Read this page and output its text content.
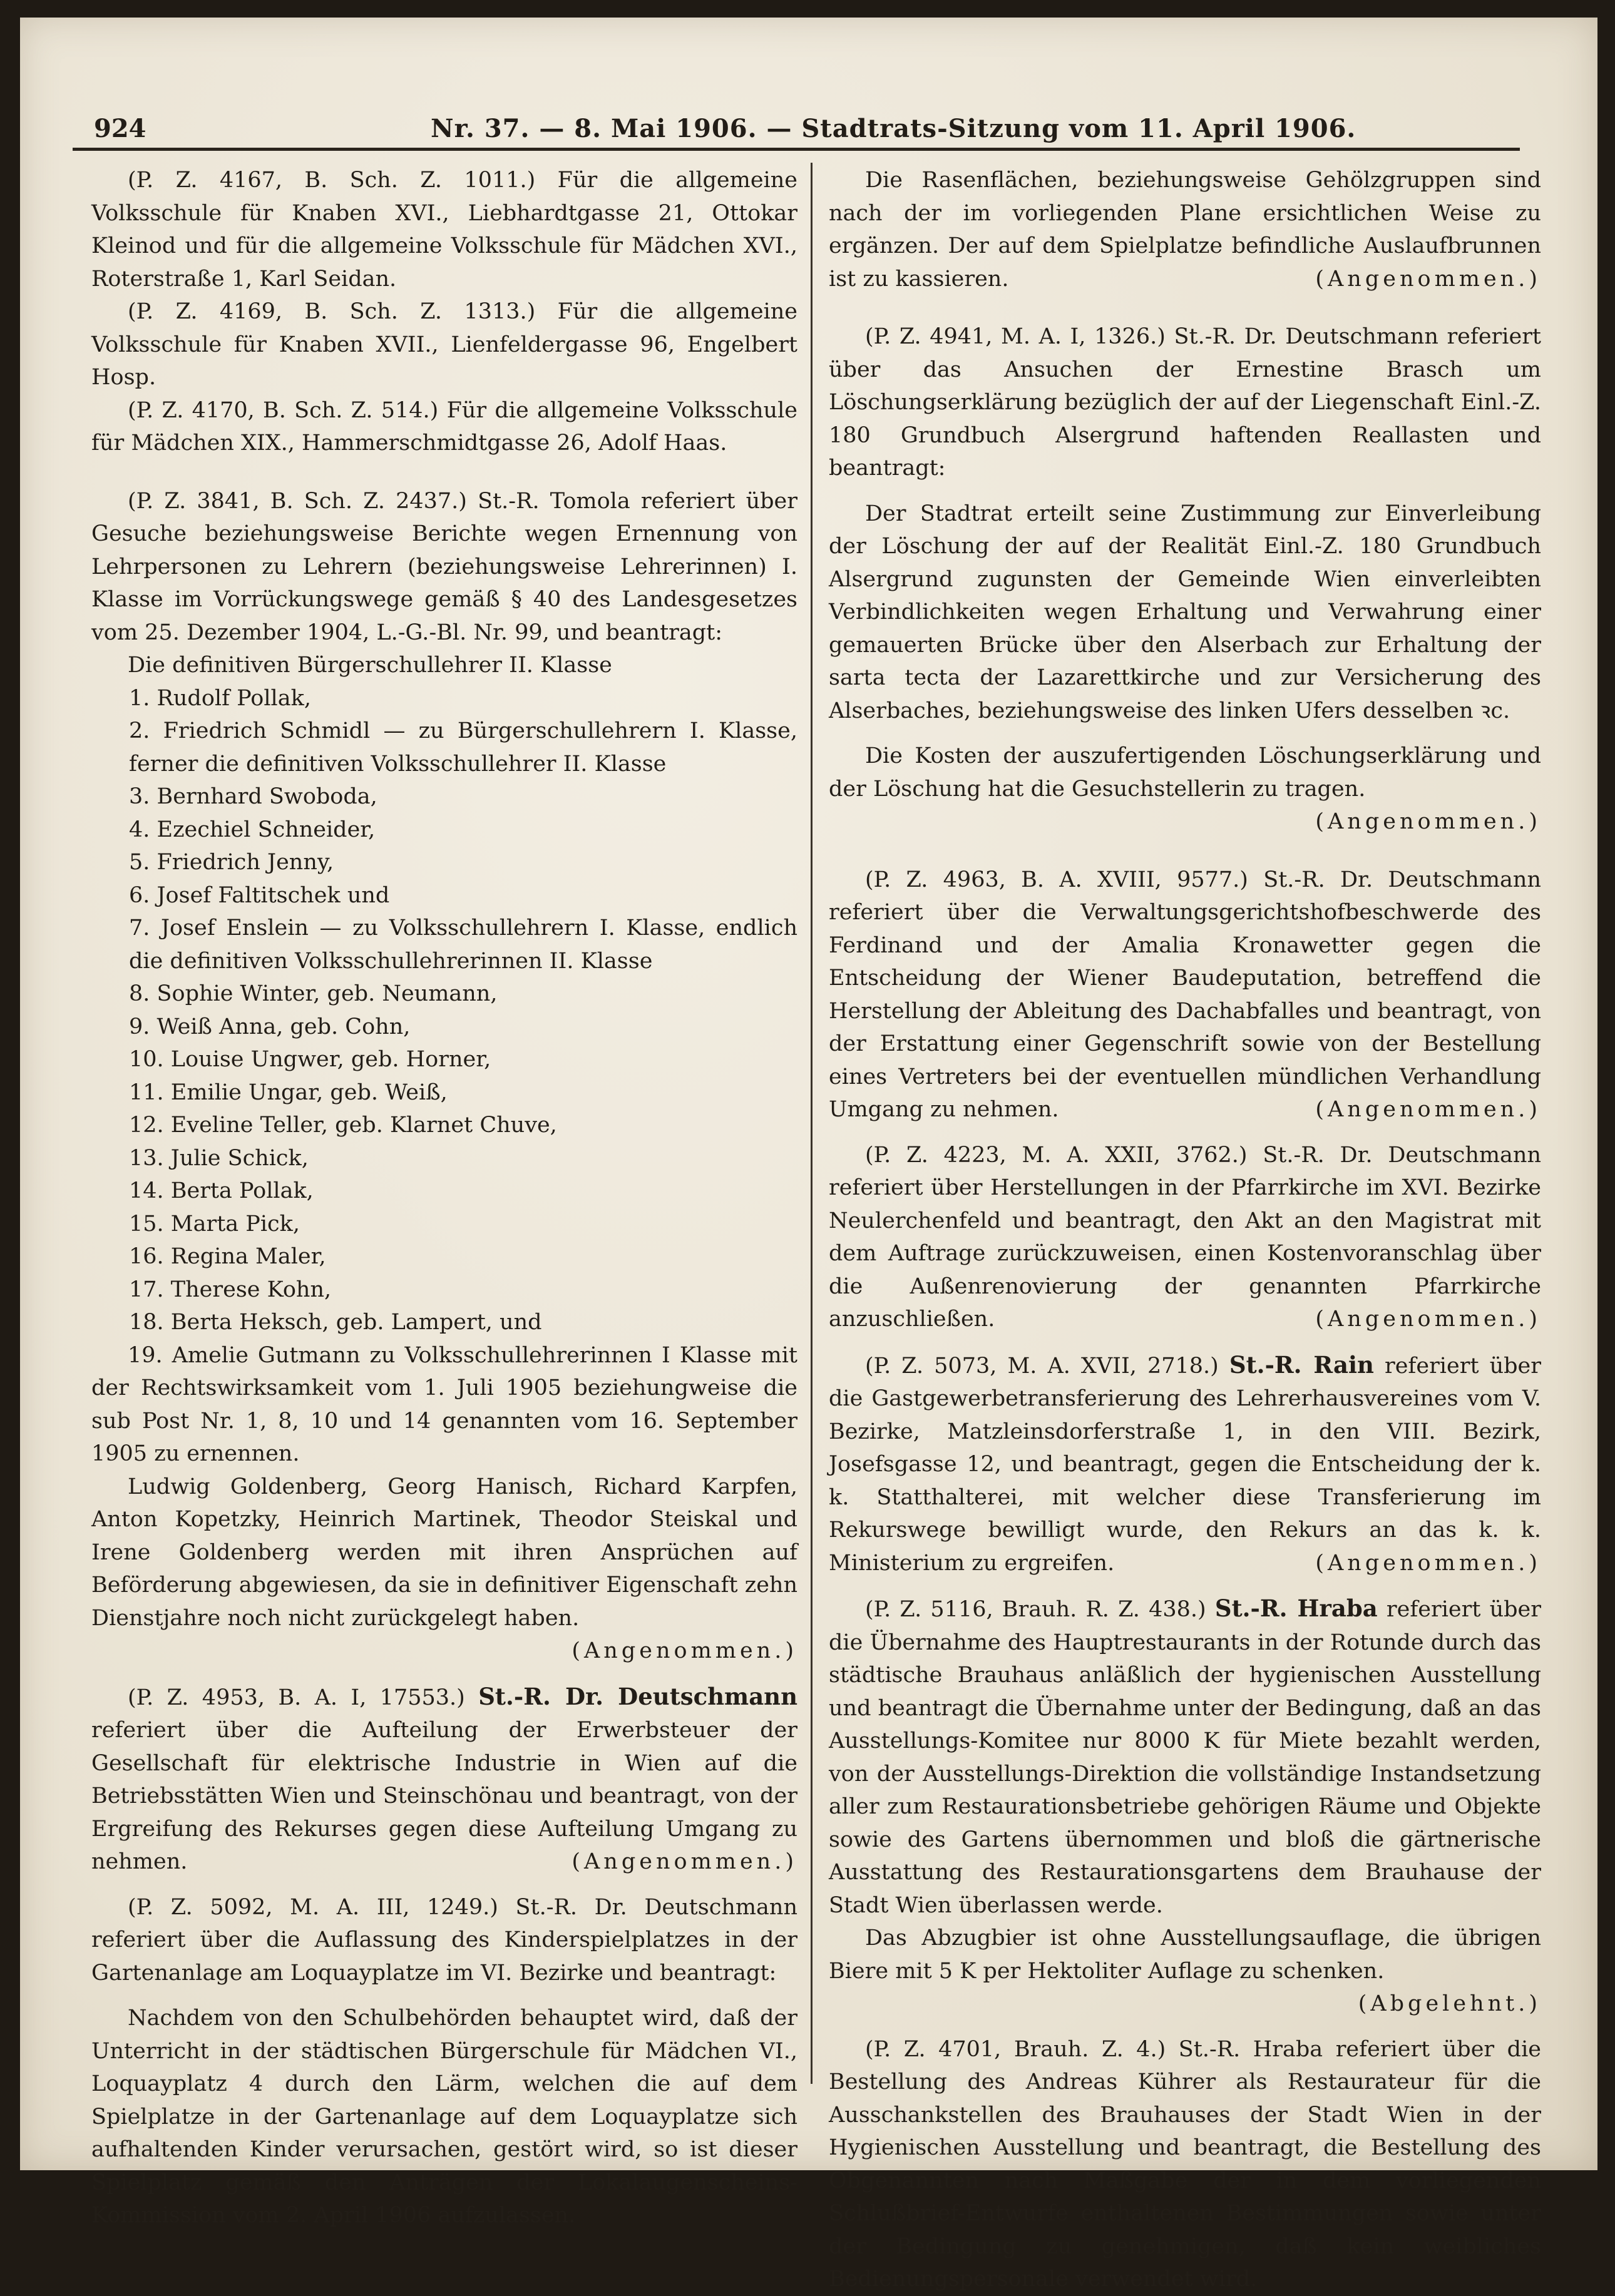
924	Nr. 37. — 8. Mai 1906. — Stadtrats-Sitzung vom 11. April 1906.

(P. Z. 4167, B. Sch. Z. 1011.) Für die allgemeine Volksschule für Knaben XVI., Liebhardtgasse 21, Ottokar Kleinod und für die allgemeine Volksschule für Mädchen XVI., Roterstraße 1, Karl Seidan.

(P. Z. 4169, B. Sch. Z. 1313.) Für die allgemeine Volksschule für Knaben XVII., Lienfeldergasse 96, Engelbert Hosp.

(P. Z. 4170, B. Sch. Z. 514.) Für die allgemeine Volksschule für Mädchen XIX., Hammerschmidtgasse 26, Adolf Haas.

(P. Z. 3841, B. Sch. Z. 2437.) St.-R. Tomola referiert über Gesuche beziehungsweise Berichte wegen Ernennung von Lehrpersonen zu Lehrern (beziehungsweise Lehrerinnen) I. Klasse im Vorrückungswege gemäß § 40 des Landesgesetzes vom 25. Dezember 1904, L.-G.-Bl. Nr. 99, und beantragt:

Die definitiven Bürgerschullehrer II. Klasse

1. Rudolf Pollak,

2. Friedrich Schmidl — zu Bürgerschullehrern I. Klasse, ferner die definitiven Volksschullehrer II. Klasse

3. Bernhard Swoboda,

4. Ezechiel Schneider,

5. Friedrich Jenny,

6. Josef Faltitschek und

7. Josef Enslein — zu Volksschullehrern I. Klasse, endlich die definitiven Volksschullehrerinnen II. Klasse

8. Sophie Winter, geb. Neumann,

9. Weiß Anna, geb. Cohn,

10. Louise Ungwer, geb. Horner,

11. Emilie Ungar, geb. Weiß,

12. Eveline Teller, geb. Klarnet Chuve,

13. Julie Schick,

14. Berta Pollak,

15. Marta Pick,

16. Regina Maler,

17. Therese Kohn,

18. Berta Heksch, geb. Lampert, und

19. Amelie Gutmann zu Volksschullehrerinnen I Klasse mit der Rechtswirksamkeit vom 1. Juli 1905 beziehungweise die sub Post Nr. 1, 8, 10 und 14 genannten vom 16. September 1905 zu ernennen.

Ludwig Goldenberg, Georg Hanisch, Richard Karpfen, Anton Kopetzky, Heinrich Martinek, Theodor Steiskal und Irene Goldenberg werden mit ihren Ansprüchen auf Beförderung abgewiesen, da sie in definitiver Eigenschaft zehn Dienstjahre noch nicht zurückgelegt haben.
(Angenommen.)

(P. Z. 4953, B. A. I, 17553.) St.-R. Dr. Deutschmann referiert über die Aufteilung der Erwerbsteuer der Gesellschaft für elektrische Industrie in Wien auf die Betriebsstätten Wien und Steinschönau und beantragt, von der Ergreifung des Rekurses gegen diese Aufteilung Umgang zu nehmen.	(Angenommen.)

(P. Z. 5092, M. A. III, 1249.) St.-R. Dr. Deutschmann referiert über die Auflassung des Kinderspielplatzes in der Gartenanlage am Loquayplatze im VI. Bezirke und beantragt:

Nachdem von den Schulbehörden behauptet wird, daß der Unterricht in der städtischen Bürgerschule für Mädchen VI., Loquayplatz 4 durch den Lärm, welchen die auf dem Spielplatze in der Gartenanlage auf dem Loquayplatze sich aufhaltenden Kinder verursachen, gestört wird, so ist dieser Spielplatz gemäß den Anträgen der Lokalaugenscheins-Kommission vom 2. April 1906 aufzulassen.

Die Rasenflächen, beziehungsweise Gehölzgruppen sind nach der im vorliegenden Plane ersichtlichen Weise zu ergänzen. Der auf dem Spielplatze befindliche Auslaufbrunnen ist zu kassieren.	(Angenommen.)

(P. Z. 4941, M. A. I, 1326.) St.-R. Dr. Deutschmann referiert über das Ansuchen der Ernestine Brasch um Löschungserklärung bezüglich der auf der Liegenschaft Einl.-Z. 180 Grundbuch Alsergrund haftenden Reallasten und beantragt:

Der Stadtrat erteilt seine Zustimmung zur Einverleibung der Löschung der auf der Realität Einl.-Z. 180 Grundbuch Alsergrund zugunsten der Gemeinde Wien einverleibten Verbindlichkeiten wegen Erhaltung und Verwahrung einer gemauerten Brücke über den Alserbach zur Erhaltung der sarta tecta der Lazarettkirche und zur Versicherung des Alserbaches, beziehungsweise des linken Ufers desselben ꝛc.

Die Kosten der auszufertigenden Löschungserklärung und der Löschung hat die Gesuchstellerin zu tragen.
(Angenommen.)

(P. Z. 4963, B. A. XVIII, 9577.) St.-R. Dr. Deutschmann referiert über die Verwaltungsgerichtshofbeschwerde des Ferdinand und der Amalia Kronawetter gegen die Entscheidung der Wiener Baudeputation, betreffend die Herstellung der Ableitung des Dachabfalles und beantragt, von der Erstattung einer Gegenschrift sowie von der Bestellung eines Vertreters bei der eventuellen mündlichen Verhandlung Umgang zu nehmen.	(Angenommen.)

(P. Z. 4223, M. A. XXII, 3762.) St.-R. Dr. Deutschmann referiert über Herstellungen in der Pfarrkirche im XVI. Bezirke Neulerchenfeld und beantragt, den Akt an den Magistrat mit dem Auftrage zurückzuweisen, einen Kostenvoranschlag über die Außenrenovierung der genannten Pfarrkirche anzuschließen.	(Angenommen.)

(P. Z. 5073, M. A. XVII, 2718.) St.-R. Rain referiert über die Gastgewerbetransferierung des Lehrerhausvereines vom V. Bezirke, Matzleinsdorferstraße 1, in den VIII. Bezirk, Josefsgasse 12, und beantragt, gegen die Entscheidung der k. k. Statthalterei, mit welcher diese Transferierung im Rekurswege bewilligt wurde, den Rekurs an das k. k. Ministerium zu ergreifen.	(Angenommen.)

(P. Z. 5116, Brauh. R. Z. 438.) St.-R. Hraba referiert über die Übernahme des Hauptrestaurants in der Rotunde durch das städtische Brauhaus anläßlich der hygienischen Ausstellung und beantragt die Übernahme unter der Bedingung, daß an das Ausstellungs-Komitee nur 8000 K für Miete bezahlt werden, von der Ausstellungs-Direktion die vollständige Instandsetzung aller zum Restaurationsbetriebe gehörigen Räume und Objekte sowie des Gartens übernommen und bloß die gärtnerische Ausstattung des Restaurationsgartens dem Brauhause der Stadt Wien überlassen werde.

Das Abzugbier ist ohne Ausstellungsauflage, die übrigen Biere mit 5 K per Hektoliter Auflage zu schenken.
(Abgelehnt.)

(P. Z. 4701, Brauh. Z. 4.) St.-R. Hraba referiert über die Bestellung des Andreas Kührer als Restaurateur für die Ausschankstellen des Brauhauses der Stadt Wien in der Hygienischen Ausstellung und beantragt, die Bestellung des Obgenannten nach Maßgabe der in dem vorliegenden Schlußbrief-Entwurfe enthaltenen Bestimmungen sowie unter der Bedingung zu genehmigen, daß kein weibliches Bedienungspersonale verwendet wird.
